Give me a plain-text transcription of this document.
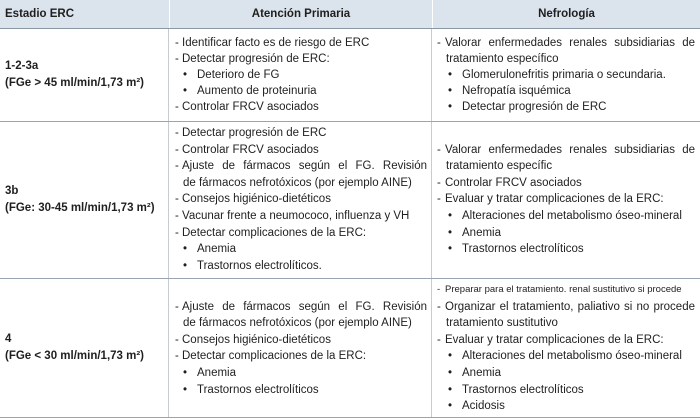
Estadio ERC	Atención Primaria	Nefrología
1-2-3a
(FGe > 45 ml/min/1,73 m²)
- Identificar facto es de riesgo de ERC
- Detectar progresión de ERC:
• Deterioro de FG
• Aumento de proteinuria
- Controlar FRCV asociados
- Valorar enfermedades renales subsidiarias de
tratamiento específico
• Glomerulonefritis primaria o secundaria.
• Nefropatía isquémica
• Detectar progresión de ERC
3b
(FGe: 30-45 ml/min/1,73 m²)
- Detectar progresión de ERC
- Controlar FRCV asociados
- Ajuste de fármacos según el FG. Revisión
de fármacos nefrotóxicos (por ejemplo AINE)
- Consejos higiénico-dietéticos
- Vacunar frente a neumococo, influenza y VH
- Detectar complicaciones de la ERC:
• Anemia
• Trastornos electrolíticos.
- Valorar enfermedades renales subsidiarias de
tratamiento específic
- Controlar FRCV asociados
- Evaluar y tratar complicaciones de la ERC:
• Alteraciones del metabolismo óseo-mineral
• Anemia
• Trastornos electrolíticos
4
(FGe < 30 ml/min/1,73 m²)
- Ajuste de fármacos según el FG. Revisión
de fármacos nefrotóxicos (por ejemplo AINE)
- Consejos higiénico-dietéticos
- Detectar complicaciones de la ERC:
• Anemia
• Trastornos electrolíticos
- Preparar para el tratamiento. renal sustitutivo si procede
- Organizar el tratamiento, paliativo si no procede
tratamiento sustitutivo
- Evaluar y tratar complicaciones de la ERC:
• Alteraciones del metabolismo óseo-mineral
• Anemia
• Trastornos electrolíticos
• Acidosis
